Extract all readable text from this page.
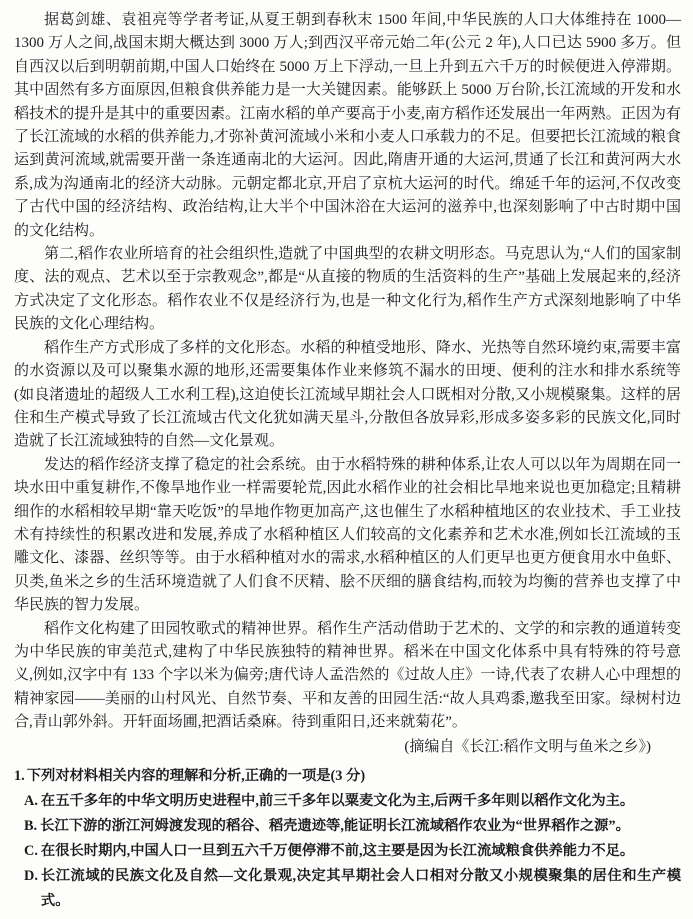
据葛剑雄、袁祖亮等学者考证,从夏王朝到春秋末 1500 年间,中华民族的人口大体维持在 1000—1300 万人之间,战国末期大概达到 3000 万人;到西汉平帝元始二年(公元 2 年),人口已达 5900 多万。但自西汉以后到明朝前期,中国人口始终在 5000 万上下浮动,一旦上升到五六千万的时候便进入停滞期。其中固然有多方面原因,但粮食供养能力是一大关键因素。能够跃上 5000 万台阶,长江流域的开发和水稻技术的提升是其中的重要因素。江南水稻的单产要高于小麦,南方稻作还发展出一年两熟。正因为有了长江流域的水稻的供养能力,才弥补黄河流域小米和小麦人口承载力的不足。但要把长江流域的粮食运到黄河流域,就需要开凿一条连通南北的大运河。因此,隋唐开通的大运河,贯通了长江和黄河两大水系,成为沟通南北的经济大动脉。元朝定都北京,开启了京杭大运河的时代。绵延千年的运河,不仅改变了古代中国的经济结构、政治结构,让大半个中国沐浴在大运河的滋养中,也深刻影响了中古时期中国的文化结构。

第二,稻作农业所培育的社会组织性,造就了中国典型的农耕文明形态。马克思认为,“人们的国家制度、法的观点、艺术以至于宗教观念”,都是“从直接的物质的生活资料的生产”基础上发展起来的,经济方式决定了文化形态。稻作农业不仅是经济行为,也是一种文化行为,稻作生产方式深刻地影响了中华民族的文化心理结构。

稻作生产方式形成了多样的文化形态。水稻的种植受地形、降水、光热等自然环境约束,需要丰富的水资源以及可以聚集水源的地形,还需要集体作业来修筑不漏水的田埂、便利的注水和排水系统等(如良渚遗址的超级人工水利工程),这迫使长江流域早期社会人口既相对分散,又小规模聚集。这样的居住和生产模式导致了长江流域古代文化犹如满天星斗,分散但各放异彩,形成多姿多彩的民族文化,同时造就了长江流域独特的自然—文化景观。

发达的稻作经济支撑了稳定的社会系统。由于水稻特殊的耕种体系,让农人可以以年为周期在同一块水田中重复耕作,不像旱地作业一样需要轮荒,因此水稻作业的社会相比旱地来说也更加稳定;且精耕细作的水稻相较早期“靠天吃饭”的旱地作物更加高产,这也催生了水稻种植地区的农业技术、手工业技术有持续性的积累改进和发展,养成了水稻种植区人们较高的文化素养和艺术水准,例如长江流域的玉雕文化、漆器、丝织等等。由于水稻种植对水的需求,水稻种植区的人们更早也更方便食用水中鱼虾、贝类,鱼米之乡的生活环境造就了人们食不厌精、脍不厌细的膳食结构,而较为均衡的营养也支撑了中华民族的智力发展。

稻作文化构建了田园牧歌式的精神世界。稻作生产活动借助于艺术的、文学的和宗教的通道转变为中华民族的审美范式,建构了中华民族独特的精神世界。稻米在中国文化体系中具有特殊的符号意义,例如,汉字中有 133 个字以米为偏旁;唐代诗人孟浩然的《过故人庄》一诗,代表了农耕人心中理想的精神家园——美丽的山村风光、自然节奏、平和友善的田园生活:“故人具鸡黍,邀我至田家。绿树村边合,青山郭外斜。开轩面场圃,把酒话桑麻。待到重阳日,还来就菊花”。

(摘编自《长江:稻作文明与鱼米之乡》)

1. 下列对材料相关内容的理解和分析,正确的一项是(3 分)

A. 在五千多年的中华文明历史进程中,前三千多年以粟麦文化为主,后两千多年则以稻作文化为主。
B. 长江下游的浙江河姆渡发现的稻谷、稻壳遗迹等,能证明长江流域稻作农业为“世界稻作之源”。
C. 在很长时期内,中国人口一旦到五六千万便停滞不前,这主要是因为长江流域粮食供养能力不足。
D. 长江流域的民族文化及自然—文化景观,决定其早期社会人口相对分散又小规模聚集的居住和生产模式。
